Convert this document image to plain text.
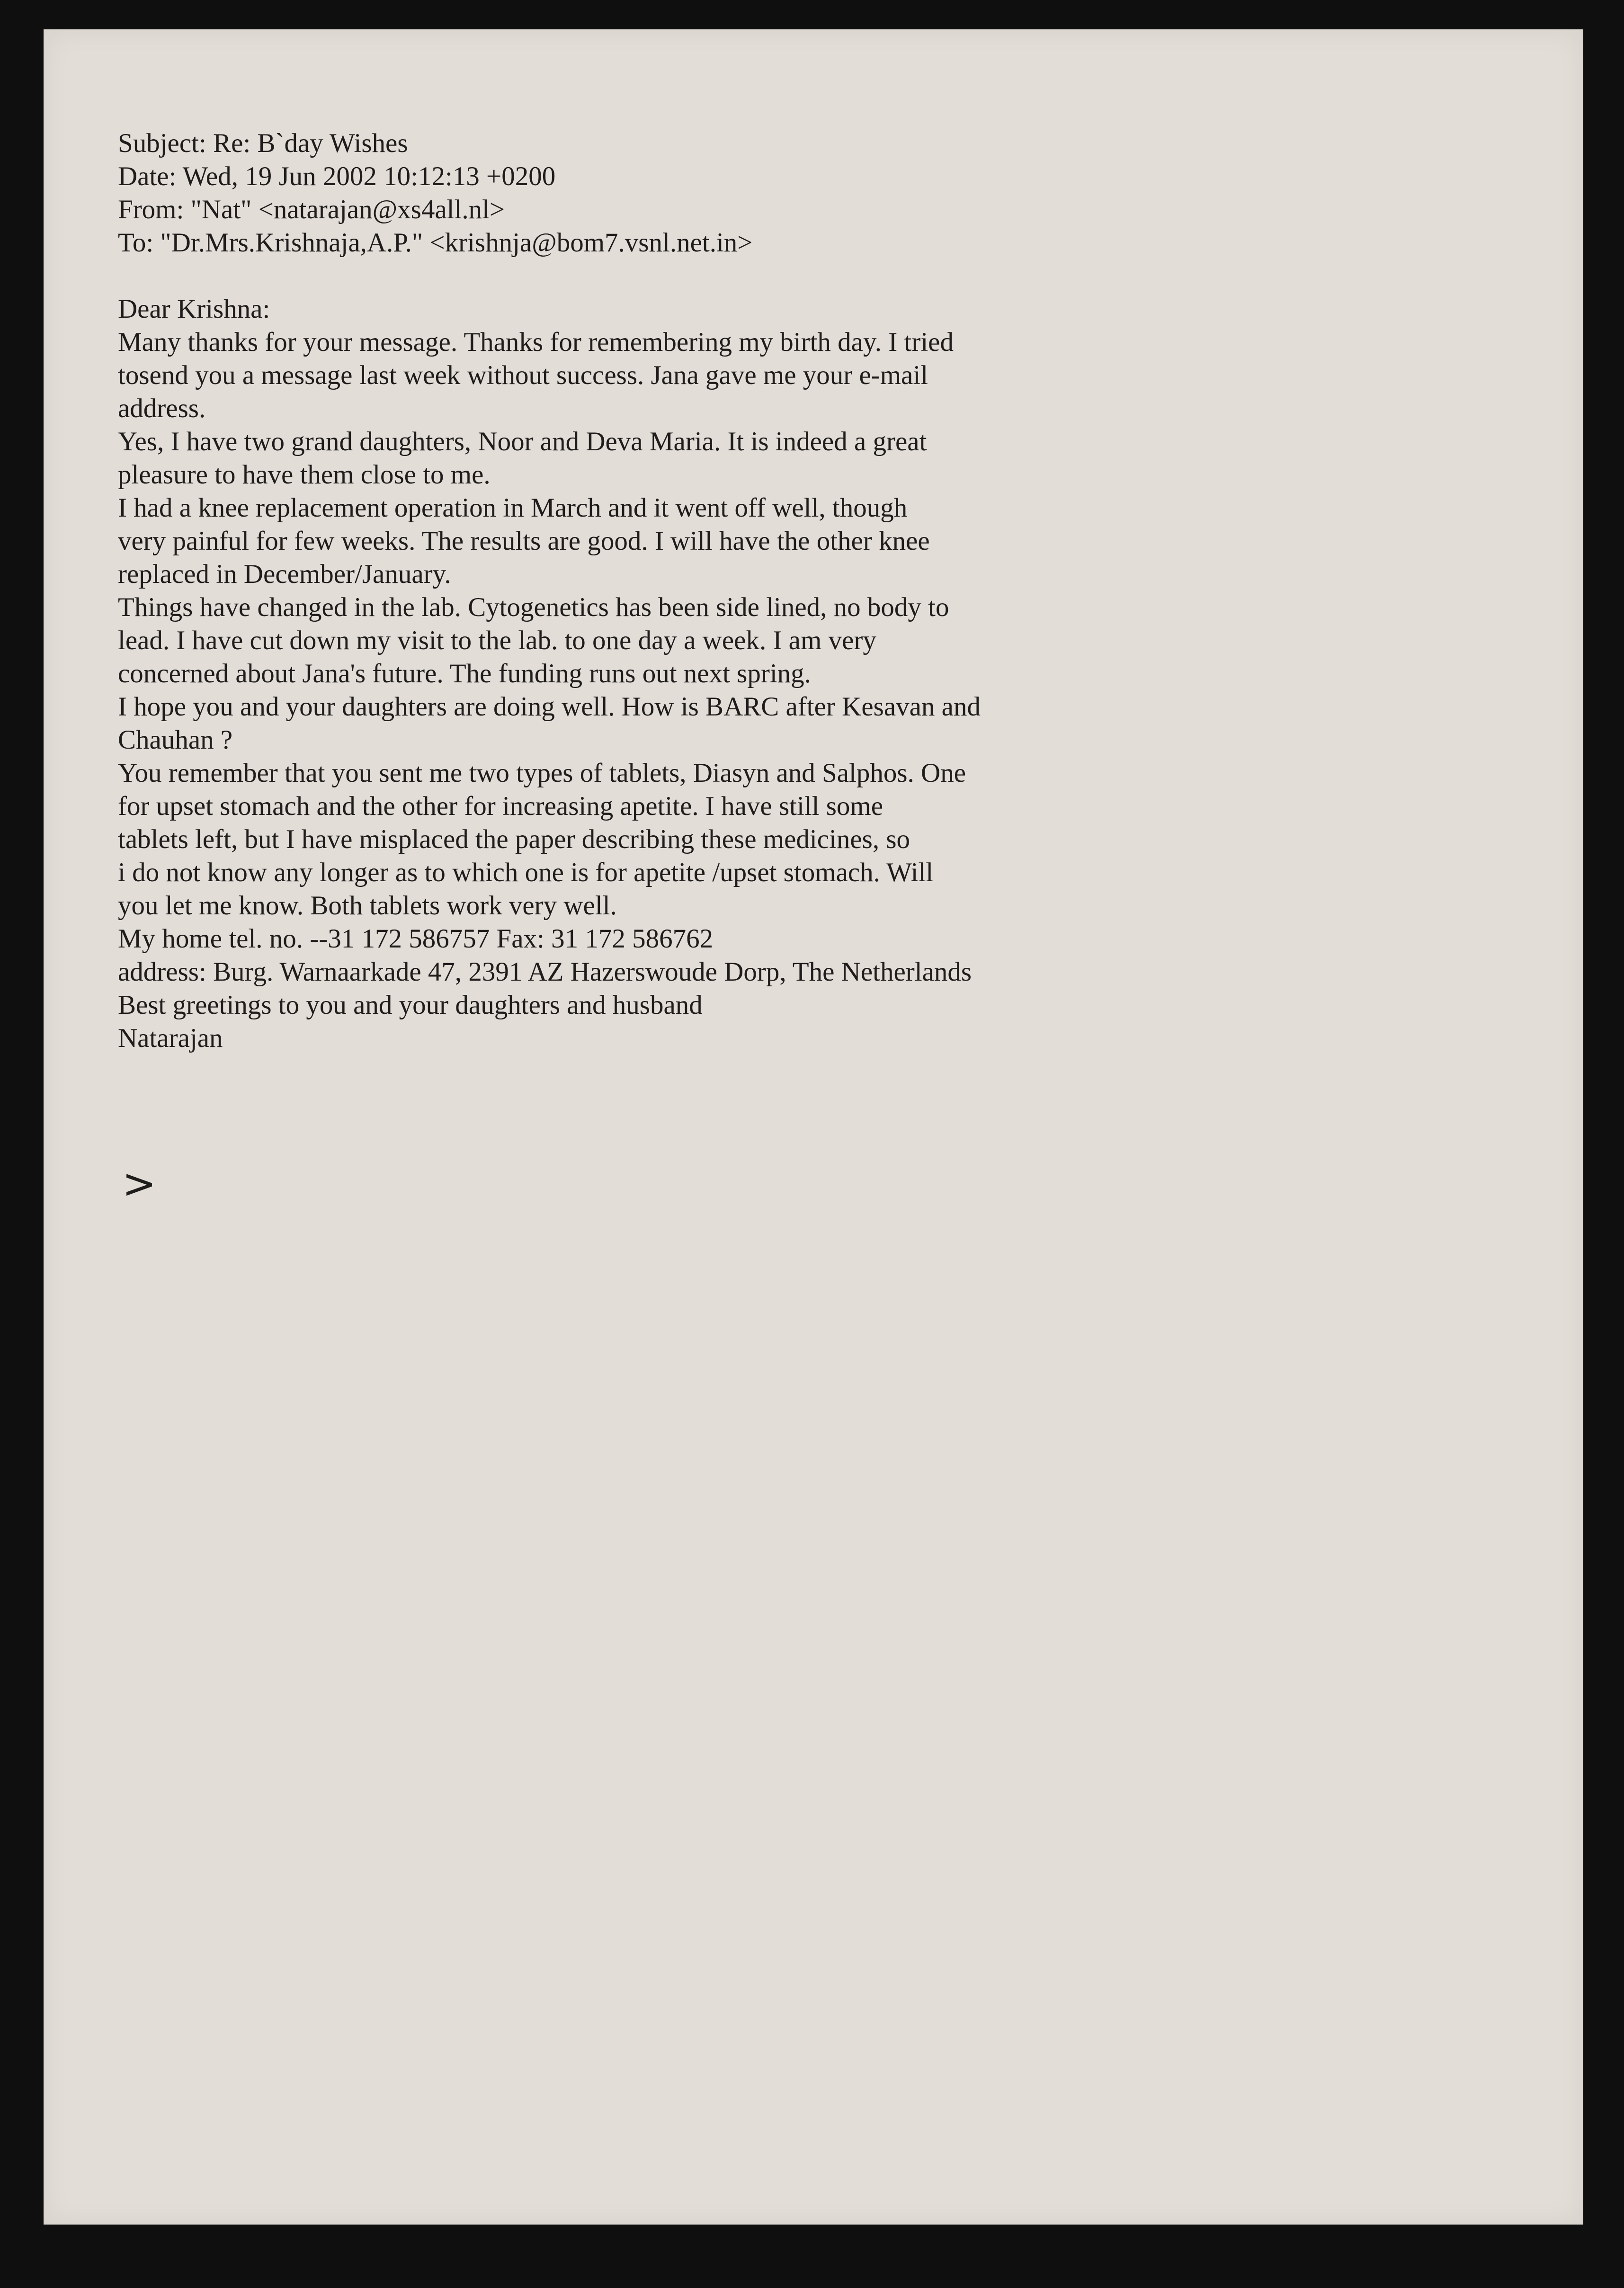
Subject: Re: B`day Wishes
Date: Wed, 19 Jun 2002 10:12:13 +0200
From: "Nat" <natarajan@xs4all.nl>
To: "Dr.Mrs.Krishnaja,A.P." <krishnja@bom7.vsnl.net.in>
Dear Krishna:
Many thanks for your message. Thanks for remembering my birth day. I tried
tosend you a message last week without success. Jana gave me your e-mail
address.
Yes, I have two grand daughters, Noor and Deva Maria. It is indeed a great
pleasure to have them close to me.
I had a knee replacement operation in March and it went off well, though
very painful for few weeks. The results are good. I will have the other knee
replaced in December/January.
Things have changed in the lab. Cytogenetics has been side lined, no body to
lead. I have cut down my visit to the lab. to one day a week. I am very
concerned about Jana's future. The funding runs out next spring.
I hope you and your daughters are doing well. How is BARC after Kesavan and
Chauhan ?
You remember that you sent me two types of tablets, Diasyn and Salphos. One
for upset stomach and the other for increasing apetite. I have still some
tablets left, but I have misplaced the paper describing these medicines, so
i do not know any longer as to which one is for apetite /upset stomach. Will
you let me know. Both tablets work very well.
My home tel. no. --31 172 586757 Fax: 31 172 586762
address: Burg. Warnaarkade 47, 2391 AZ Hazerswoude Dorp, The Netherlands
Best greetings to you and your daughters and husband
Natarajan
>
